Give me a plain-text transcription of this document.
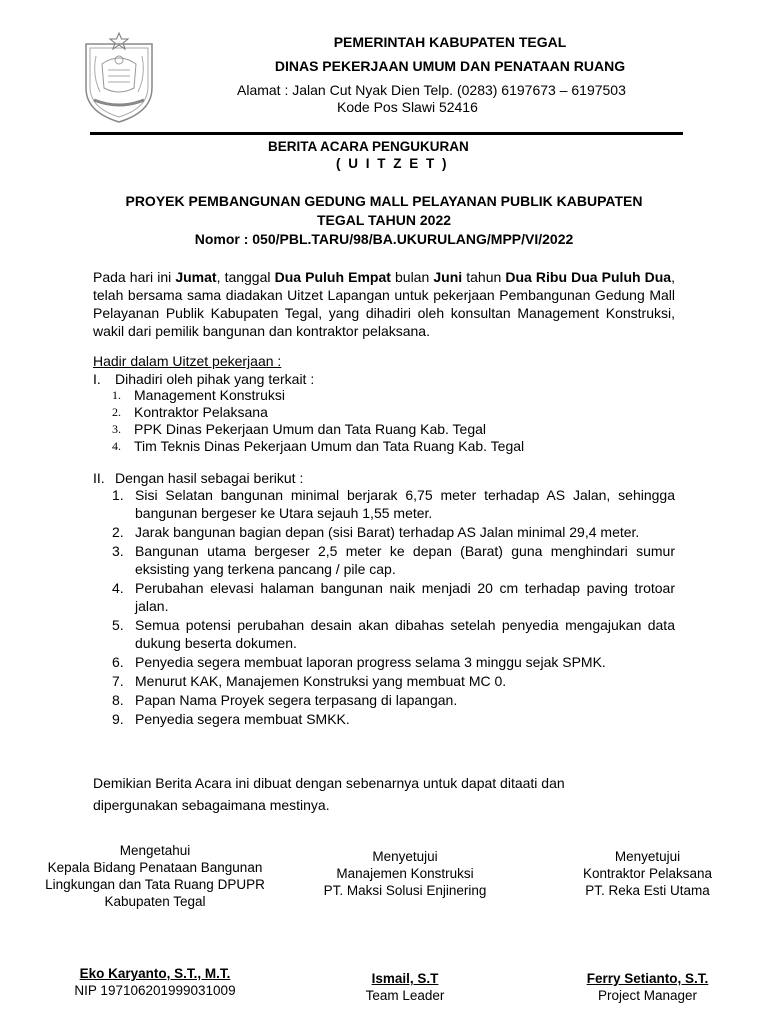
PEMERINTAH KABUPATEN TEGAL
DINAS PEKERJAAN UMUM DAN PENATAAN RUANG
Alamat : Jalan Cut Nyak Dien Telp. (0283) 6197673 – 6197503
Kode Pos Slawi 52416
BERITA ACARA PENGUKURAN
( U I T Z E T )
PROYEK PEMBANGUNAN GEDUNG MALL PELAYANAN PUBLIK KABUPATEN
TEGAL TAHUN 2022
Nomor : 050/PBL.TARU/98/BA.UKURULANG/MPP/VI/2022
Pada hari ini Jumat, tanggal Dua Puluh Empat bulan Juni tahun Dua Ribu Dua Puluh Dua, telah bersama sama diadakan Uitzet Lapangan untuk pekerjaan Pembangunan Gedung Mall Pelayanan Publik Kabupaten Tegal, yang dihadiri oleh konsultan Management Konstruksi, wakil dari pemilik bangunan dan kontraktor pelaksana.
Hadir dalam Uitzet pekerjaan :
I. Dihadiri oleh pihak yang terkait :
1. Management Konstruksi
2. Kontraktor Pelaksana
3. PPK Dinas Pekerjaan Umum dan Tata Ruang Kab. Tegal
4. Tim Teknis Dinas Pekerjaan Umum dan Tata Ruang Kab. Tegal
II. Dengan hasil sebagai berikut :
1. Sisi Selatan bangunan minimal berjarak 6,75 meter terhadap AS Jalan, sehingga bangunan bergeser ke Utara sejauh 1,55 meter.
2. Jarak bangunan bagian depan (sisi Barat) terhadap AS Jalan minimal 29,4 meter.
3. Bangunan utama bergeser 2,5 meter ke depan (Barat) guna menghindari sumur eksisting yang terkena pancang / pile cap.
4. Perubahan elevasi halaman bangunan naik menjadi 20 cm terhadap paving trotoar jalan.
5. Semua potensi perubahan desain akan dibahas setelah penyedia mengajukan data dukung beserta dokumen.
6. Penyedia segera membuat laporan progress selama 3 minggu sejak SPMK.
7. Menurut KAK, Manajemen Konstruksi yang membuat MC 0.
8. Papan Nama Proyek segera terpasang di lapangan.
9. Penyedia segera membuat SMKK.
Demikian Berita Acara ini dibuat dengan sebenarnya untuk dapat ditaati dan dipergunakan sebagaimana mestinya.
Mengetahui
Kepala Bidang Penataan Bangunan
Lingkungan dan Tata Ruang DPUPR
Kabupaten Tegal
Menyetujui
Manajemen Konstruksi
PT. Maksi Solusi Enjinering
Menyetujui
Kontraktor Pelaksana
PT. Reka Esti Utama
Eko Karyanto, S.T., M.T.
NIP 197106201999031009
Ismail, S.T
Team Leader
Ferry Setianto, S.T.
Project Manager
